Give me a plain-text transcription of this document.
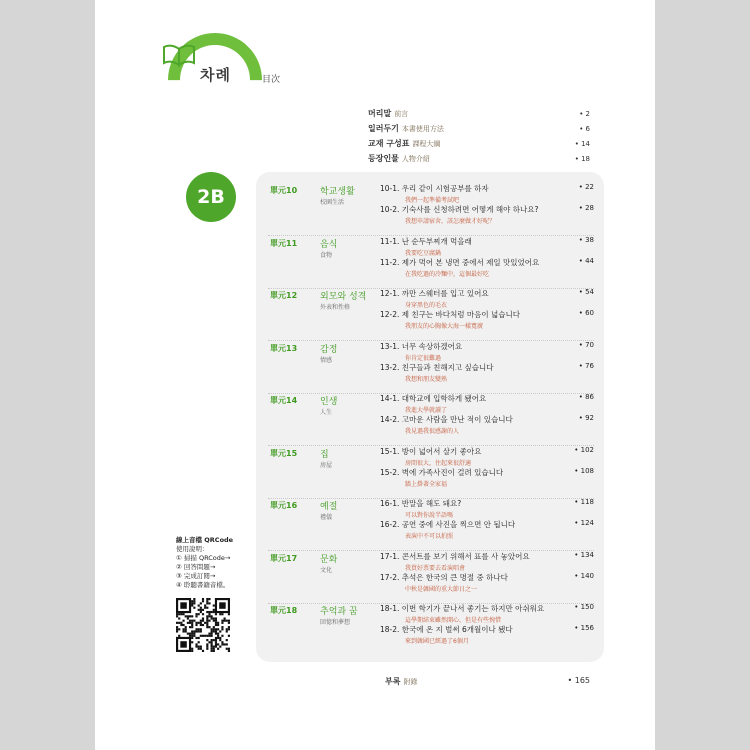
차례	目次
머리말 前言	• 2
일러두기 本書使用方法	• 6
교재 구성표 課程大綱	• 14
등장인물 人物介紹	• 18
2B	單元10	학교생활
校園生活
10-1. 우리 같이 시험공부를 하자	• 22
我們一起準備考試吧
10-2. 기숙사를 신청하려면 어떻게 해야 하나요?	• 28
我想申請宿舍，該怎麼做才好呢？
單元11	음식
食物
11-1. 난 순두부찌개 먹을래	• 38
我要吃豆腐鍋
11-2. 제가 먹어 본 냉면 중에서 제일 맛있었어요	• 44
在我吃過的冷麵中，這個最好吃
單元12	외모와 성격
外表和性格
12-1. 까만 스웨터를 입고 있어요	• 54
身穿黑色的毛衣
12-2. 제 친구는 바다처럼 마음이 넓습니다	• 60
我朋友的心胸像大海一樣寬廣
單元13	감정
情感
13-1. 너무 속상하겠어요	• 70
你肯定很難過
13-2. 친구들과 친해지고 싶습니다	• 76
我想和朋友變熟
單元14	인생
人生
14-1. 대학교에 입학하게 됐어요	• 86
我進大學就讀了
14-2. 고마운 사람을 만난 적이 있습니다	• 92
我見過我很感謝的人
單元15	집
房屋
15-1. 방이 넓어서 살기 좋아요	• 102
房間很大，住起來很舒適
15-2. 벽에 가족사진이 걸려 있습니다	• 108
牆上掛著全家福
單元16	예절
禮儀
16-1. 반말을 해도 돼요?	• 118
可以對你說半語嗎
16-2. 공연 중에 사진을 찍으면 안 됩니다	• 124
表演中不可以拍照
單元17	문화
文化
17-1. 콘서트를 보기 위해서 표를 사 놓았어요	• 134
我買好票要去看演唱會
17-2. 추석은 한국의 큰 명절 중 하나다	• 140
中秋是韓國的重大節日之一
單元18	추억과 꿈
回憶和夢想
18-1. 이번 학기가 끝나서 좋기는 하지만 아쉬워요	• 150
這學期結束雖然開心，但是有些惋惜
18-2. 한국에 온 지 벌써 6개월이나 됐다	• 156
來到韓國已經過了6個月
부록 附錄	• 165
線上音檔 QRCode
使用說明：
① 掃描 QRCode→
② 回答問題→
③ 完成訂閱→
④ 聆聽書籍音檔。
